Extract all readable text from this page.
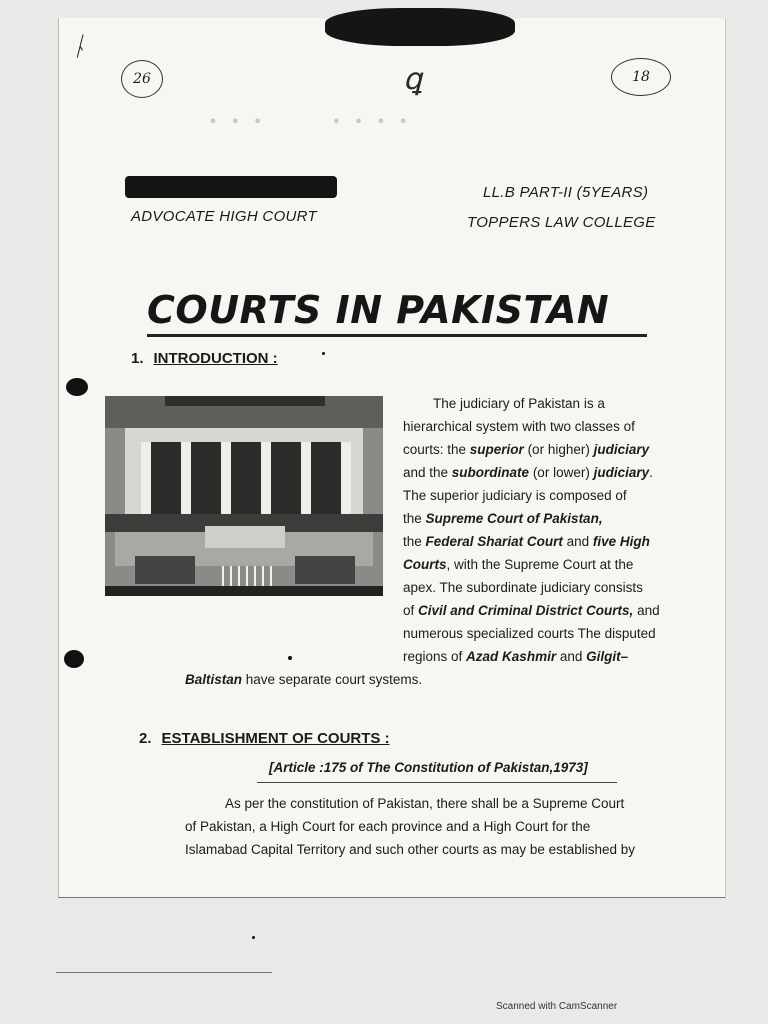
ᚿ
26	ꝗ	18
ꞏ ꞏ ꞏ      ꞏ ꞏ ꞏ ꞏ
ADVOCATE HIGH COURT
LL.B PART-II (5YEARS)
TOPPERS LAW COLLEGE
COURTS IN PAKISTAN
1. INTRODUCTION :

The judiciary of Pakistan is a

hierarchical system with two classes of

courts: the superior (or higher) judiciary

and the subordinate (or lower) judiciary.

The superior judiciary is composed of

the Supreme Court of Pakistan,

the Federal Shariat Court and five High

Courts, with the Supreme Court at the

apex. The subordinate judiciary consists

of Civil and Criminal District Courts, and

numerous specialized courts The disputed

regions of Azad Kashmir and Gilgit–

Baltistan have separate court systems.

2. ESTABLISHMENT OF COURTS :
[Article :175 of The Constitution of Pakistan,1973]

As per the constitution of Pakistan, there shall be a Supreme Court

of Pakistan, a High Court for each province and a High Court for the

Islamabad Capital Territory and such other courts as may be established by

Scanned with CamScanner
